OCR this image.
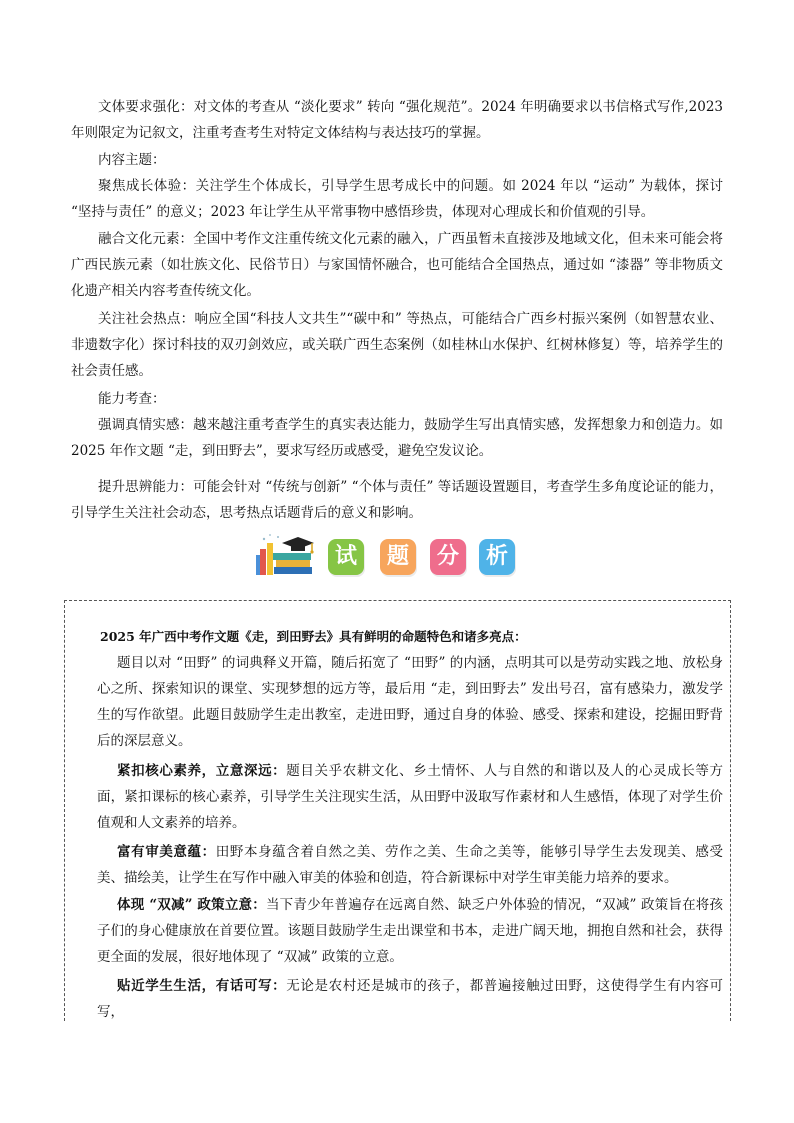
文体要求强化：对文体的考查从 “淡化要求” 转向 “强化规范”。2024 年明确要求以书信格式写作,2023 年则限定为记叙文，注重考查考生对特定文体结构与表达技巧的掌握。

内容主题：

聚焦成长体验：关注学生个体成长，引导学生思考成长中的问题。如 2024 年以 “运动” 为载体，探讨 “坚持与责任” 的意义；2023 年让学生从平常事物中感悟珍贵，体现对心理成长和价值观的引导。

融合文化元素：全国中考作文注重传统文化元素的融入，广西虽暂未直接涉及地域文化，但未来可能会将广西民族元素（如壮族文化、民俗节日）与家国情怀融合，也可能结合全国热点，通过如 “漆器” 等非物质文化遗产相关内容考查传统文化。

关注社会热点：响应全国“科技人文共生”“碳中和” 等热点，可能结合广西乡村振兴案例（如智慧农业、非遗数字化）探讨科技的双刃剑效应，或关联广西生态案例（如桂林山水保护、红树林修复）等，培养学生的社会责任感。

能力考查：

强调真情实感：越来越注重考查学生的真实表达能力，鼓励学生写出真情实感，发挥想象力和创造力。如 2025 年作文题 “走，到田野去”，要求写经历或感受，避免空发议论。

提升思辨能力：可能会针对 “传统与创新” “个体与责任” 等话题设置题目，考查学生多角度论证的能力，引导学生关注社会动态，思考热点话题背后的意义和影响。

试	题	分	析

2025 年广西中考作文题《走，到田野去》具有鲜明的命题特色和诸多亮点：

题目以对 “田野” 的词典释义开篇，随后拓宽了 “田野” 的内涵，点明其可以是劳动实践之地、放松身心之所、探索知识的课堂、实现梦想的远方等，最后用 “走，到田野去” 发出号召，富有感染力，激发学生的写作欲望。此题目鼓励学生走出教室，走进田野，通过自身的体验、感受、探索和建设，挖掘田野背后的深层意义。

紧扣核心素养，立意深远：题目关乎农耕文化、乡土情怀、人与自然的和谐以及人的心灵成长等方面，紧扣课标的核心素养，引导学生关注现实生活，从田野中汲取写作素材和人生感悟，体现了对学生价值观和人文素养的培养。

富有审美意蕴：田野本身蕴含着自然之美、劳作之美、生命之美等，能够引导学生去发现美、感受美、描绘美，让学生在写作中融入审美的体验和创造，符合新课标中对学生审美能力培养的要求。

体现 “双减” 政策立意：当下青少年普遍存在远离自然、缺乏户外体验的情况，“双减” 政策旨在将孩子们的身心健康放在首要位置。该题目鼓励学生走出课堂和书本，走进广阔天地，拥抱自然和社会，获得更全面的发展，很好地体现了 “双减” 政策的立意。

贴近学生生活，有话可写：无论是农村还是城市的孩子，都普遍接触过田野，这使得学生有内容可写，
